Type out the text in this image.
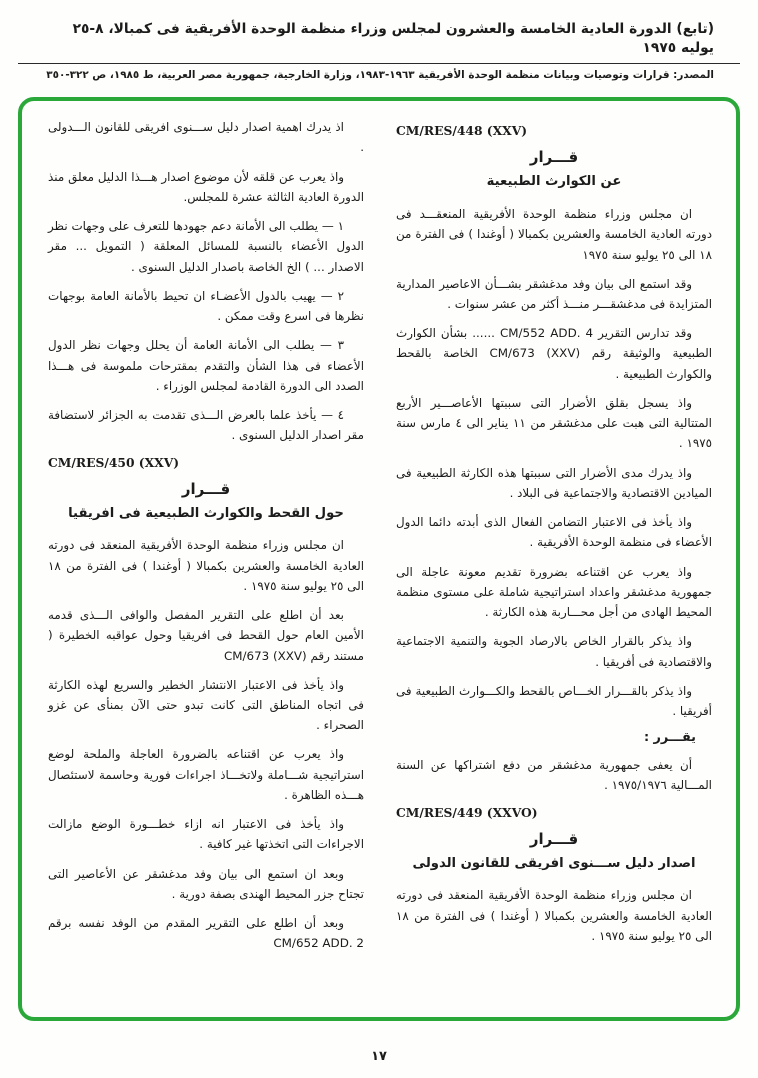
(تابع) الدورة العادية الخامسة والعشرون لمجلس وزراء منظمة الوحدة الأفريقية فى كمبالا، ٨-٢٥ يوليه ١٩٧٥
المصدر: قرارات وتوصيات وبيانات منظمة الوحدة الأفريقية ١٩٦٣-١٩٨٣، وزارة الخارجية، جمهورية مصر العربية، ط ١٩٨٥، ص ٣٢٢-٣٥٠
CM/RES/448 (XXV)
قـــرار
عن الكوارث الطبيعية

ان مجلس وزراء منظمة الوحدة الأفريقية المنعقـــد فى دورته العادية الخامسة والعشرين بكمبالا ( أوغندا ) فى الفترة من ١٨ الى ٢٥ يوليو سنة ١٩٧٥

وقد استمع الى بيان وفد مدغشقر بشـــأن الاعاصير المدارية المتزايدة فى مدغشقـــر منـــذ أكثر من عشر سنوات .

وقد تدارس التقرير CM/552 ADD. 4 ...... بشأن الكوارث الطبيعية والوثيقة رقم CM/673 (XXV) الخاصة بالقحط والكوارث الطبيعية .

واذ يسجل بقلق الأضرار التى سببتها الأعاصـــير الأربع المتتالية التى هبت على مدغشقر من ١١ يناير الى ٤ مارس سنة ١٩٧٥ .

واذ يدرك مدى الأضرار التى سببتها هذه الكارثة الطبيعية فى الميادين الاقتصادية والاجتماعية فى البلاد .

واذ يأخذ فى الاعتبار التضامن الفعال الذى أبدته دائما الدول الأعضاء فى منظمة الوحدة الأفريقية .

واذ يعرب عن اقتناعه بضرورة تقديم معونة عاجلة الى جمهورية مدغشقر واعداد استراتيجية شاملة على مستوى منظمة المحيط الهادى من أجل محـــاربة هذه الكارثة .

واذ يذكر بالقرار الخاص بالارصاد الجوية والتنمية الاجتماعية والاقتصادية فى أفريقيا .

واذ يذكر بالقـــرار الخـــاص بالقحط والكـــوارث الطبيعية فى أفريقيا .

يقـــرر :

أن يعفى جمهورية مدغشقر من دفع اشتراكها عن السنة المـــالية ١٩٧٥/١٩٧٦ .

CM/RES/449 (XXVO)
قـــرار
اصدار دليل ســـنوى افريقى للقانون الدولى

ان مجلس وزراء منظمة الوحدة الأفريقية المنعقد فى دورته العادية الخامسة والعشرين بكمبالا ( أوغندا ) فى الفترة من ١٨ الى ٢٥ يوليو سنة ١٩٧٥ .

اذ يدرك اهمية اصدار دليل ســـنوى افريقى للقانون الـــدولى .

واذ يعرب عن قلقه لأن موضوع اصدار هـــذا الدليل معلق منذ الدورة العادية الثالثة عشرة للمجلس.

١ — يطلب الى الأمانة دعم جهودها للتعرف على وجهات نظر الدول الأعضاء بالنسبة للمسائل المعلقة ( التمويل ... مقر الاصدار ... ) الخ الخاصة باصدار الدليل السنوى .

٢ — يهيب بالدول الأعضـاء ان تحيط بالأمانة العامة بوجهات نظرها فى اسرع وقت ممكن .

٣ — يطلب الى الأمانة العامة أن يحلل وجهات نظر الدول الأعضاء فى هذا الشأن والتقدم بمقترحات ملموسة فى هـــذا الصدد الى الدورة القادمة لمجلس الوزراء .

٤ — يأخذ علما بالعرض الـــذى تقدمت به الجزائر لاستضافة مقر اصدار الدليل السنوى .

CM/RES/450 (XXV)
قـــرار
حول القحط والكوارث الطبيعية فى افريقيا

ان مجلس وزراء منظمة الوحدة الأفريقية المنعقد فى دورته العادية الخامسة والعشرين بكمبالا ( أوغندا ) فى الفترة من ١٨ الى ٢٥ يوليو سنة ١٩٧٥ .

بعد أن اطلع على التقرير المفصل والوافى الـــذى قدمه الأمين العام حول القحط فى افريقيا وحول عواقبه الخطيرة ( مستند رقم CM/673 (XXV)

واذ يأخذ فى الاعتبار الانتشار الخطير والسريع لهذه الكارثة فى اتجاه المناطق التى كانت تبدو حتى الآن بمنأى عن غزو الصحراء .

واذ يعرب عن اقتناعه بالضرورة العاجلة والملحة لوضع استراتيجية شـــاملة ولاتخـــاذ اجراءات فورية وحاسمة لاستئصال هـــذه الظاهرة .

واذ يأخذ فى الاعتبار انه ازاء خطـــورة الوضع مازالت الاجراءات التى اتخذتها غير كافية .

وبعد ان استمع الى بيان وفد مدغشقر عن الأعاصير التى تجتاح جزر المحيط الهندى بصفة دورية .

وبعد أن اطلع على التقرير المقدم من الوفد نفسه برقم CM/652 ADD. 2

١٧
